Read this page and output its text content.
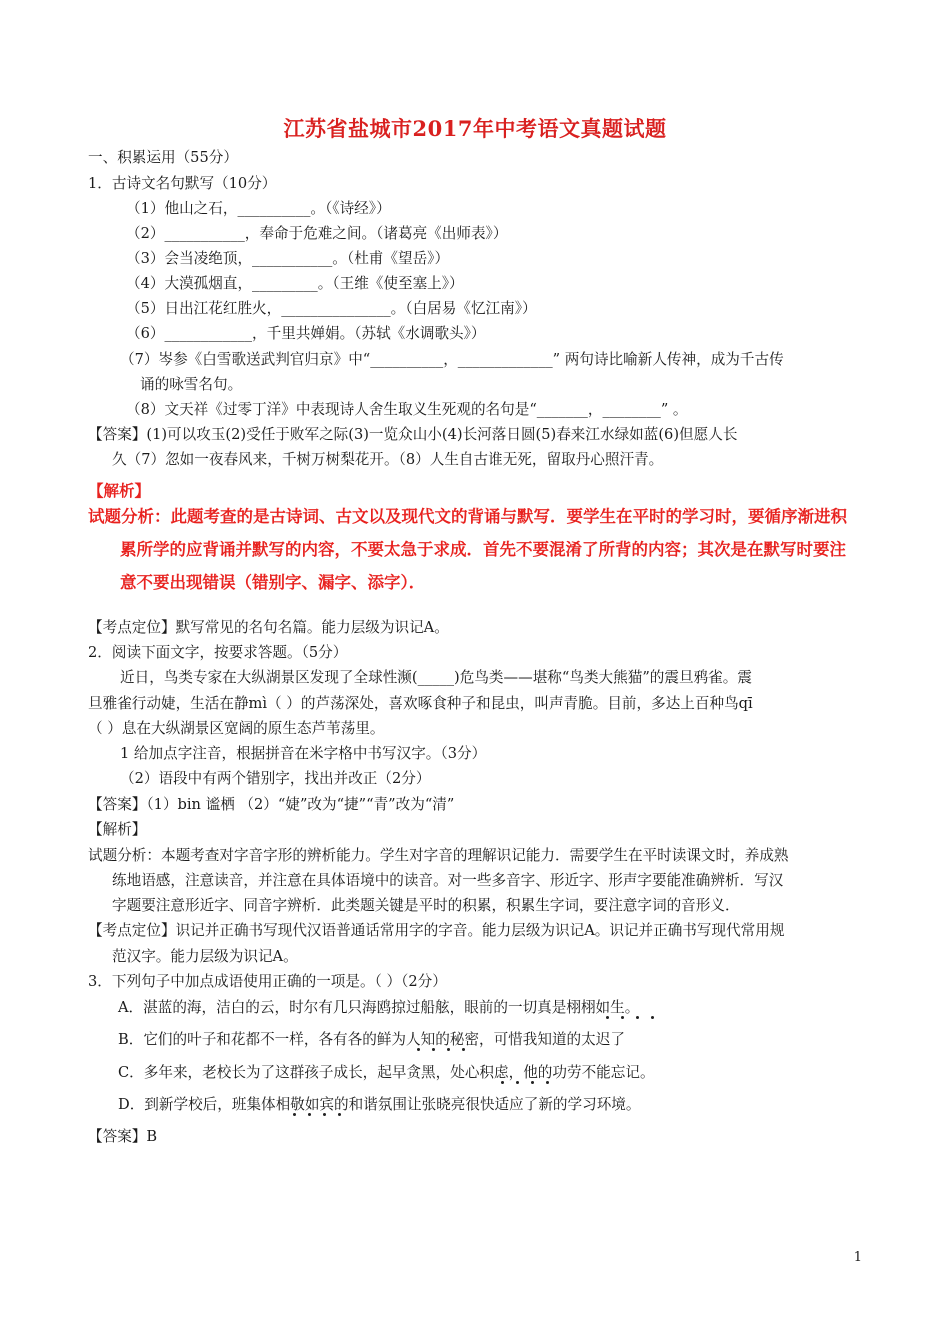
江苏省盐城市2017年中考语文真题试题
一、积累运用（55分）
1．古诗文名句默写（10分）
（1）他山之石，__________。（《诗经》）
（2）___________，奉命于危难之间。（诸葛亮《出师表》）
（3）会当凌绝顶，___________。（杜甫《望岳》）
（4）大漠孤烟直，_________。（王维《使至塞上》）
（5）日出江花红胜火，_______________。（白居易《忆江南》）
（6）____________，千里共婵娟。（苏轼《水调歌头》）
（7）岑参《白雪歌送武判官归京》中“__________，_____________” 两句诗比喻新人传神，成为千古传
诵的咏雪名句。
（8）文天祥《过零丁洋》中表现诗人舍生取义生死观的名句是“_______，________” 。
【答案】(1)可以攻玉(2)受任于败军之际(3)一览众山小(4)长河落日圆(5)春来江水绿如蓝(6)但愿人长
久（7）忽如一夜春风来，千树万树梨花开。（8）人生自古谁无死，留取丹心照汗青。
【考点定位】默写常见的名句名篇。能力层级为识记A。
2．阅读下面文字，按要求答题。（5分）
近日，鸟类专家在大纵湖景区发现了全球性濒(_____)危鸟类——堪称“鸟类大熊猫”的震旦鸦雀。震
旦雅雀行动婕，生活在静mì（ ）的芦荡深处，喜欢啄食种子和昆虫，叫声青脆。目前，多达上百种鸟qī
（ ）息在大纵湖景区宽阔的原生态芦苇荡里。
1 给加点字注音，根据拼音在米字格中书写汉字。（3分）
（2）语段中有两个错别字，找出并改正（2分）
【答案】（1）bin 谧栖 （2）“婕”改为“捷”“青”改为“清”
【解析】
试题分析：本题考查对字音字形的辨析能力。学生对字音的理解识记能力．需要学生在平时读课文时，养成熟
练地语感，注意读音，并注意在具体语境中的读音。对一些多音字、形近字、形声字要能准确辨析．写汉
字题要注意形近字、同音字辨析．此类题关键是平时的积累，积累生字词，要注意字词的音形义．
【考点定位】识记并正确书写现代汉语普通话常用字的字音。能力层级为识记A。识记并正确书写现代常用规
范汉字。能力层级为识记A。
3．下列句子中加点成语使用正确的一项是。（ ）（2分）
A．湛蓝的海，洁白的云，时尔有几只海鸥掠过船舷，眼前的一切真是栩栩如生。
B．它们的叶子和花都不一样，各有各的鲜为人知的秘密，可惜我知道的太迟了
C．多年来，老校长为了这群孩子成长，起早贪黑，处心积虑，他的功劳不能忘记。
D．到新学校后，班集体相敬如宾的和谐氛围让张晓亮很快适应了新的学习环境。
【答案】B
【解析】
试题分析：此题考查的是古诗词、古文以及现代文的背诵与默写．要学生在平时的学习时，要循序渐进积
累所学的应背诵并默写的内容，不要太急于求成．首先不要混淆了所背的内容；其次是在默写时要注
意不要出现错误（错别字、漏字、添字）．
1
